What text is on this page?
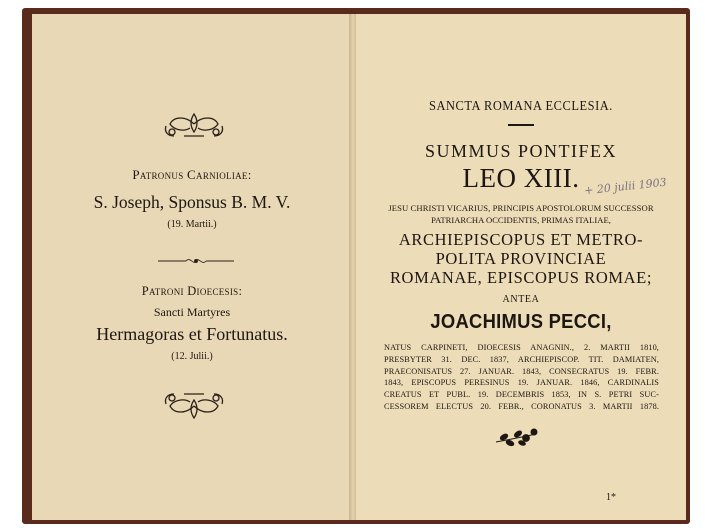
Patronus Carnioliae:
S. Joseph, Sponsus B. M. V.
(19. Martii.)
Patroni Dioecesis:
Sancti Martyres
Hermagoras et Fortunatus.
(12. Julii.)
SANCTA ROMANA ECCLESIA.
SUMMUS PONTIFEX
LEO XIII. + 20 julii 1903
JESU CHRISTI VICARIUS, PRINCIPIS APOSTOLORUM SUCCESSOR
PATRIARCHA OCCIDENTIS, PRIMAS ITALIAE,
ARCHIEPISCOPUS ET METRO-
POLITA PROVINCIAE
ROMANAE, EPISCOPUS ROMAE;
ANTEA
JOACHIMUS PECCI,
NATUS CARPINETI, DIOECESIS ANAGNIN., 2. MARTII 1810,
PRESBYTER 31. DEC. 1837, ARCHIEPISCOP. TIT. DAMIATEN,
PRAECONISATUS 27. JANUAR. 1843, CONSECRATUS 19. FEBR.
1843, EPISCOPUS PERESINUS 19. JANUAR. 1846, CARDINALIS
CREATUS ET PUBL. 19. DECEMBRIS 1853, IN S. PETRI SUC-
CESSOREM ELECTUS 20. FEBR., CORONATUS 3. MARTII 1878.
1*
